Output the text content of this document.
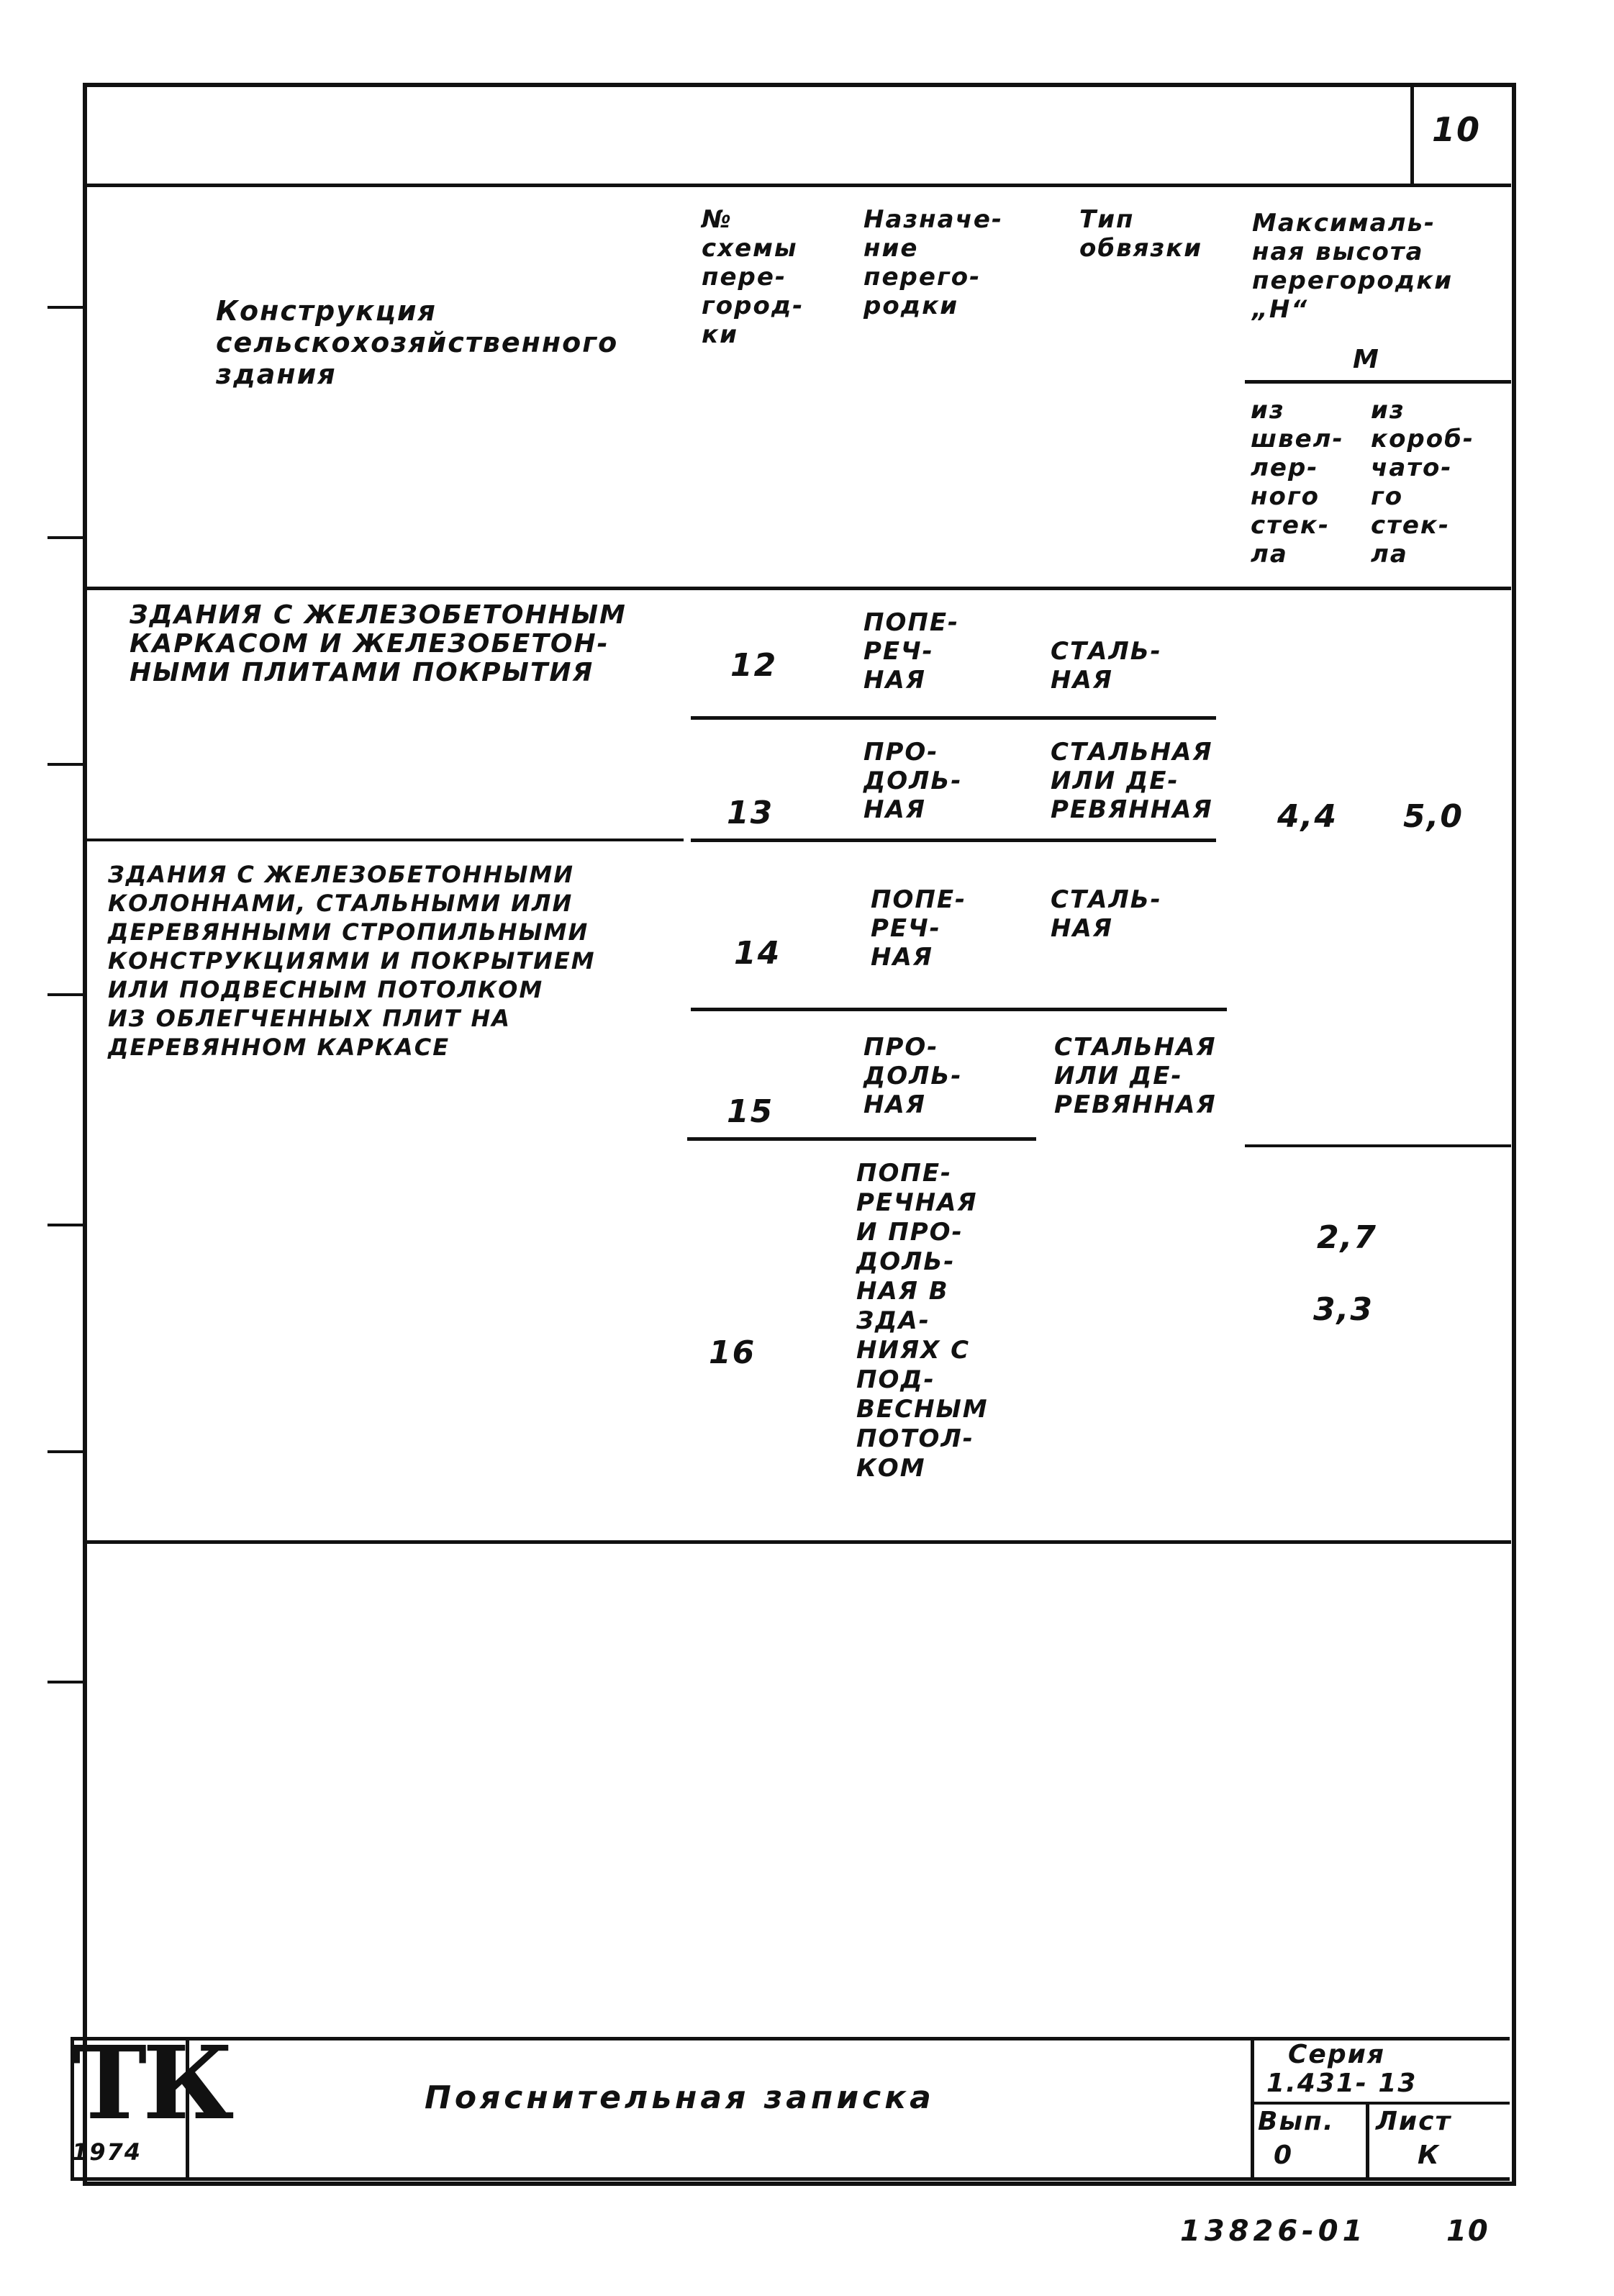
10
Конструкция
сельскохозяйственного
здания
№
схемы
пере-
город-
ки
Назначе-
ние
перегo-
родки
Тип
обвязки
Максималь-
ная высота
перегородки
„Н“
М
из
швел-
лер-
ного
стек-
ла
из
короб-
чато-
го
стек-
ла
ЗДАНИЯ С ЖЕЛЕЗОБЕТОННЫМ
КАРКАСОМ И ЖЕЛЕЗОБЕТОН-
НЫМИ ПЛИТАМИ ПОКРЫТИЯ
ЗДАНИЯ С ЖЕЛЕЗОБЕТОННЫМИ
КОЛОННАМИ, СТАЛЬНЫМИ ИЛИ
ДЕРЕВЯННЫМИ СТРОПИЛЬНЫМИ
КОНСТРУКЦИЯМИ И ПОКРЫТИЕМ
ИЛИ ПОДВЕСНЫМ ПОТОЛКОМ
ИЗ ОБЛЕГЧЕННЫХ ПЛИТ НА
ДЕРЕВЯННОМ КАРКАСЕ
12
ПОПЕ-
РЕЧ-
НАЯ
СТАЛЬ-
НАЯ
13
ПРО-
ДОЛЬ-
НАЯ
СТАЛЬНАЯ
ИЛИ ДЕ-
РЕВЯННАЯ 4,4 5,0
14
ПОПЕ-
РЕЧ-
НАЯ
СТАЛЬ-
НАЯ
15
ПРО-
ДОЛЬ-
НАЯ
СТАЛЬНАЯ
ИЛИ ДЕ-
РЕВЯННАЯ
16
ПОПЕ-
РЕЧНАЯ
И ПРО-
ДОЛЬ-
НАЯ В
ЗДА-
НИЯХ С
ПОД-
ВЕСНЫМ
ПОТОЛ-
КОМ
2,7
3,3
ТК
1974
Пояснительная записка
Серия
1.431- 13
Вып.
0
Лист
К
13826-01	10
